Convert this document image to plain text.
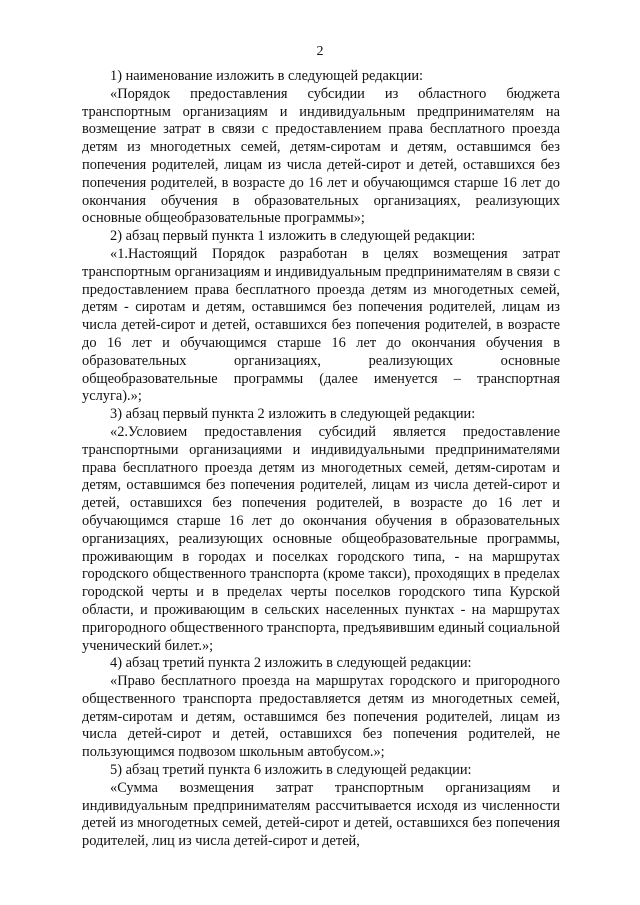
2

1) наименование изложить в следующей редакции:

«Порядок предоставления субсидии из областного бюджета транспортным организациям и индивидуальным предпринимателям на возмещение затрат в связи с предоставлением права бесплатного проезда детям из многодетных семей, детям-сиротам и детям, оставшимся без попечения родителей, лицам из числа детей-сирот и детей, оставшихся без попечения родителей, в возрасте до 16 лет и обучающимся старше 16 лет до окончания обучения в образовательных организациях, реализующих основные общеобразовательные программы»;

2) абзац первый пункта 1 изложить в следующей редакции:

«1.Настоящий Порядок разработан в целях возмещения затрат транспортным организациям и индивидуальным предпринимателям в связи с предоставлением права бесплатного проезда детям из многодетных семей, детям - сиротам и детям, оставшимся без попечения родителей, лицам из числа детей-сирот и детей, оставшихся без попечения родителей, в возрасте до 16 лет и обучающимся старше 16 лет до окончания обучения в образовательных организациях, реализующих основные общеобразовательные программы (далее именуется – транспортная услуга).»;

3) абзац первый пункта 2 изложить в следующей редакции:

«2.Условием предоставления субсидий является предоставление транспортными организациями и индивидуальными предпринимателями права бесплатного проезда детям из многодетных семей, детям-сиротам и детям, оставшимся без попечения родителей, лицам из числа детей-сирот и детей, оставшихся без попечения родителей, в возрасте до 16 лет и обучающимся старше 16 лет до окончания обучения в образовательных организациях, реализующих основные общеобразовательные программы, проживающим в городах и поселках городского типа, - на маршрутах городского общественного транспорта (кроме такси), проходящих в пределах городской черты и в пределах черты поселков городского типа Курской области, и проживающим в сельских населенных пунктах - на маршрутах пригородного общественного транспорта, предъявившим единый социальной ученический билет.»;

4) абзац третий пункта 2 изложить в следующей редакции:

«Право бесплатного проезда на маршрутах городского и пригородного общественного транспорта предоставляется детям из многодетных семей, детям-сиротам и детям, оставшимся без попечения родителей, лицам из числа детей-сирот и детей, оставшихся без попечения родителей, не пользующимся подвозом школьным автобусом.»;

5) абзац третий пункта 6 изложить в следующей редакции:

«Сумма возмещения затрат транспортным организациям и индивидуальным предпринимателям рассчитывается исходя из численности детей из многодетных семей, детей-сирот и детей, оставшихся без попечения родителей, лиц из числа детей-сирот и детей,
